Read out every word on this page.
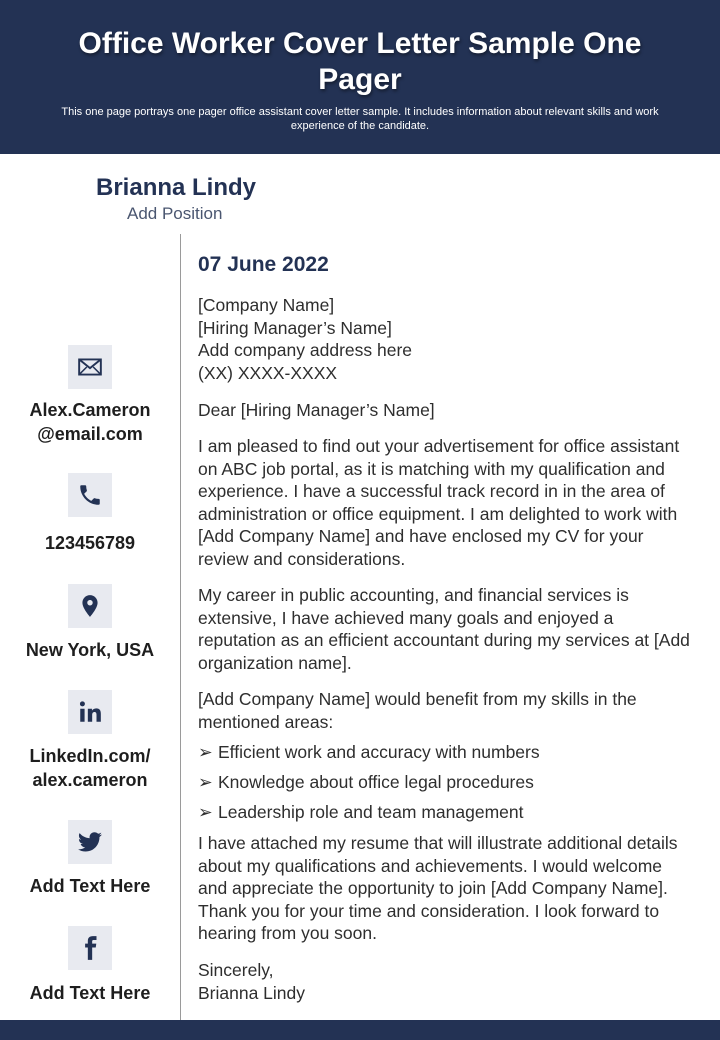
Office Worker Cover Letter Sample One Pager
This one page portrays one pager office assistant cover letter sample. It includes information about relevant skills and work experience of the candidate.
Brianna Lindy
Add Position
Alex.Cameron @email.com
123456789
New York, USA
LinkedIn.com/ alex.cameron
Add Text Here
Add Text Here
07 June 2022
[Company Name]
[Hiring Manager’s Name]
Add company address here
(XX) XXXX-XXXX
Dear [Hiring Manager’s Name]
I am pleased to find out your advertisement for office assistant on ABC job portal, as it is matching with my qualification and experience. I have a successful track record in in the area of administration or office equipment. I am delighted to work with [Add Company Name] and have enclosed my CV for your review and considerations.
My career in public accounting, and financial services is extensive, I have achieved many goals and enjoyed a reputation as an efficient accountant during my services at [Add organization name].
[Add Company Name] would benefit from my skills in the mentioned areas:
➢ Efficient work and accuracy with numbers
➢ Knowledge about office legal procedures
➢ Leadership role and team management
I have attached my resume that will illustrate additional details about my qualifications and achievements. I would welcome and appreciate the opportunity to join [Add Company Name]. Thank you for your time and consideration. I look forward to hearing from you soon.
Sincerely,
Brianna Lindy
